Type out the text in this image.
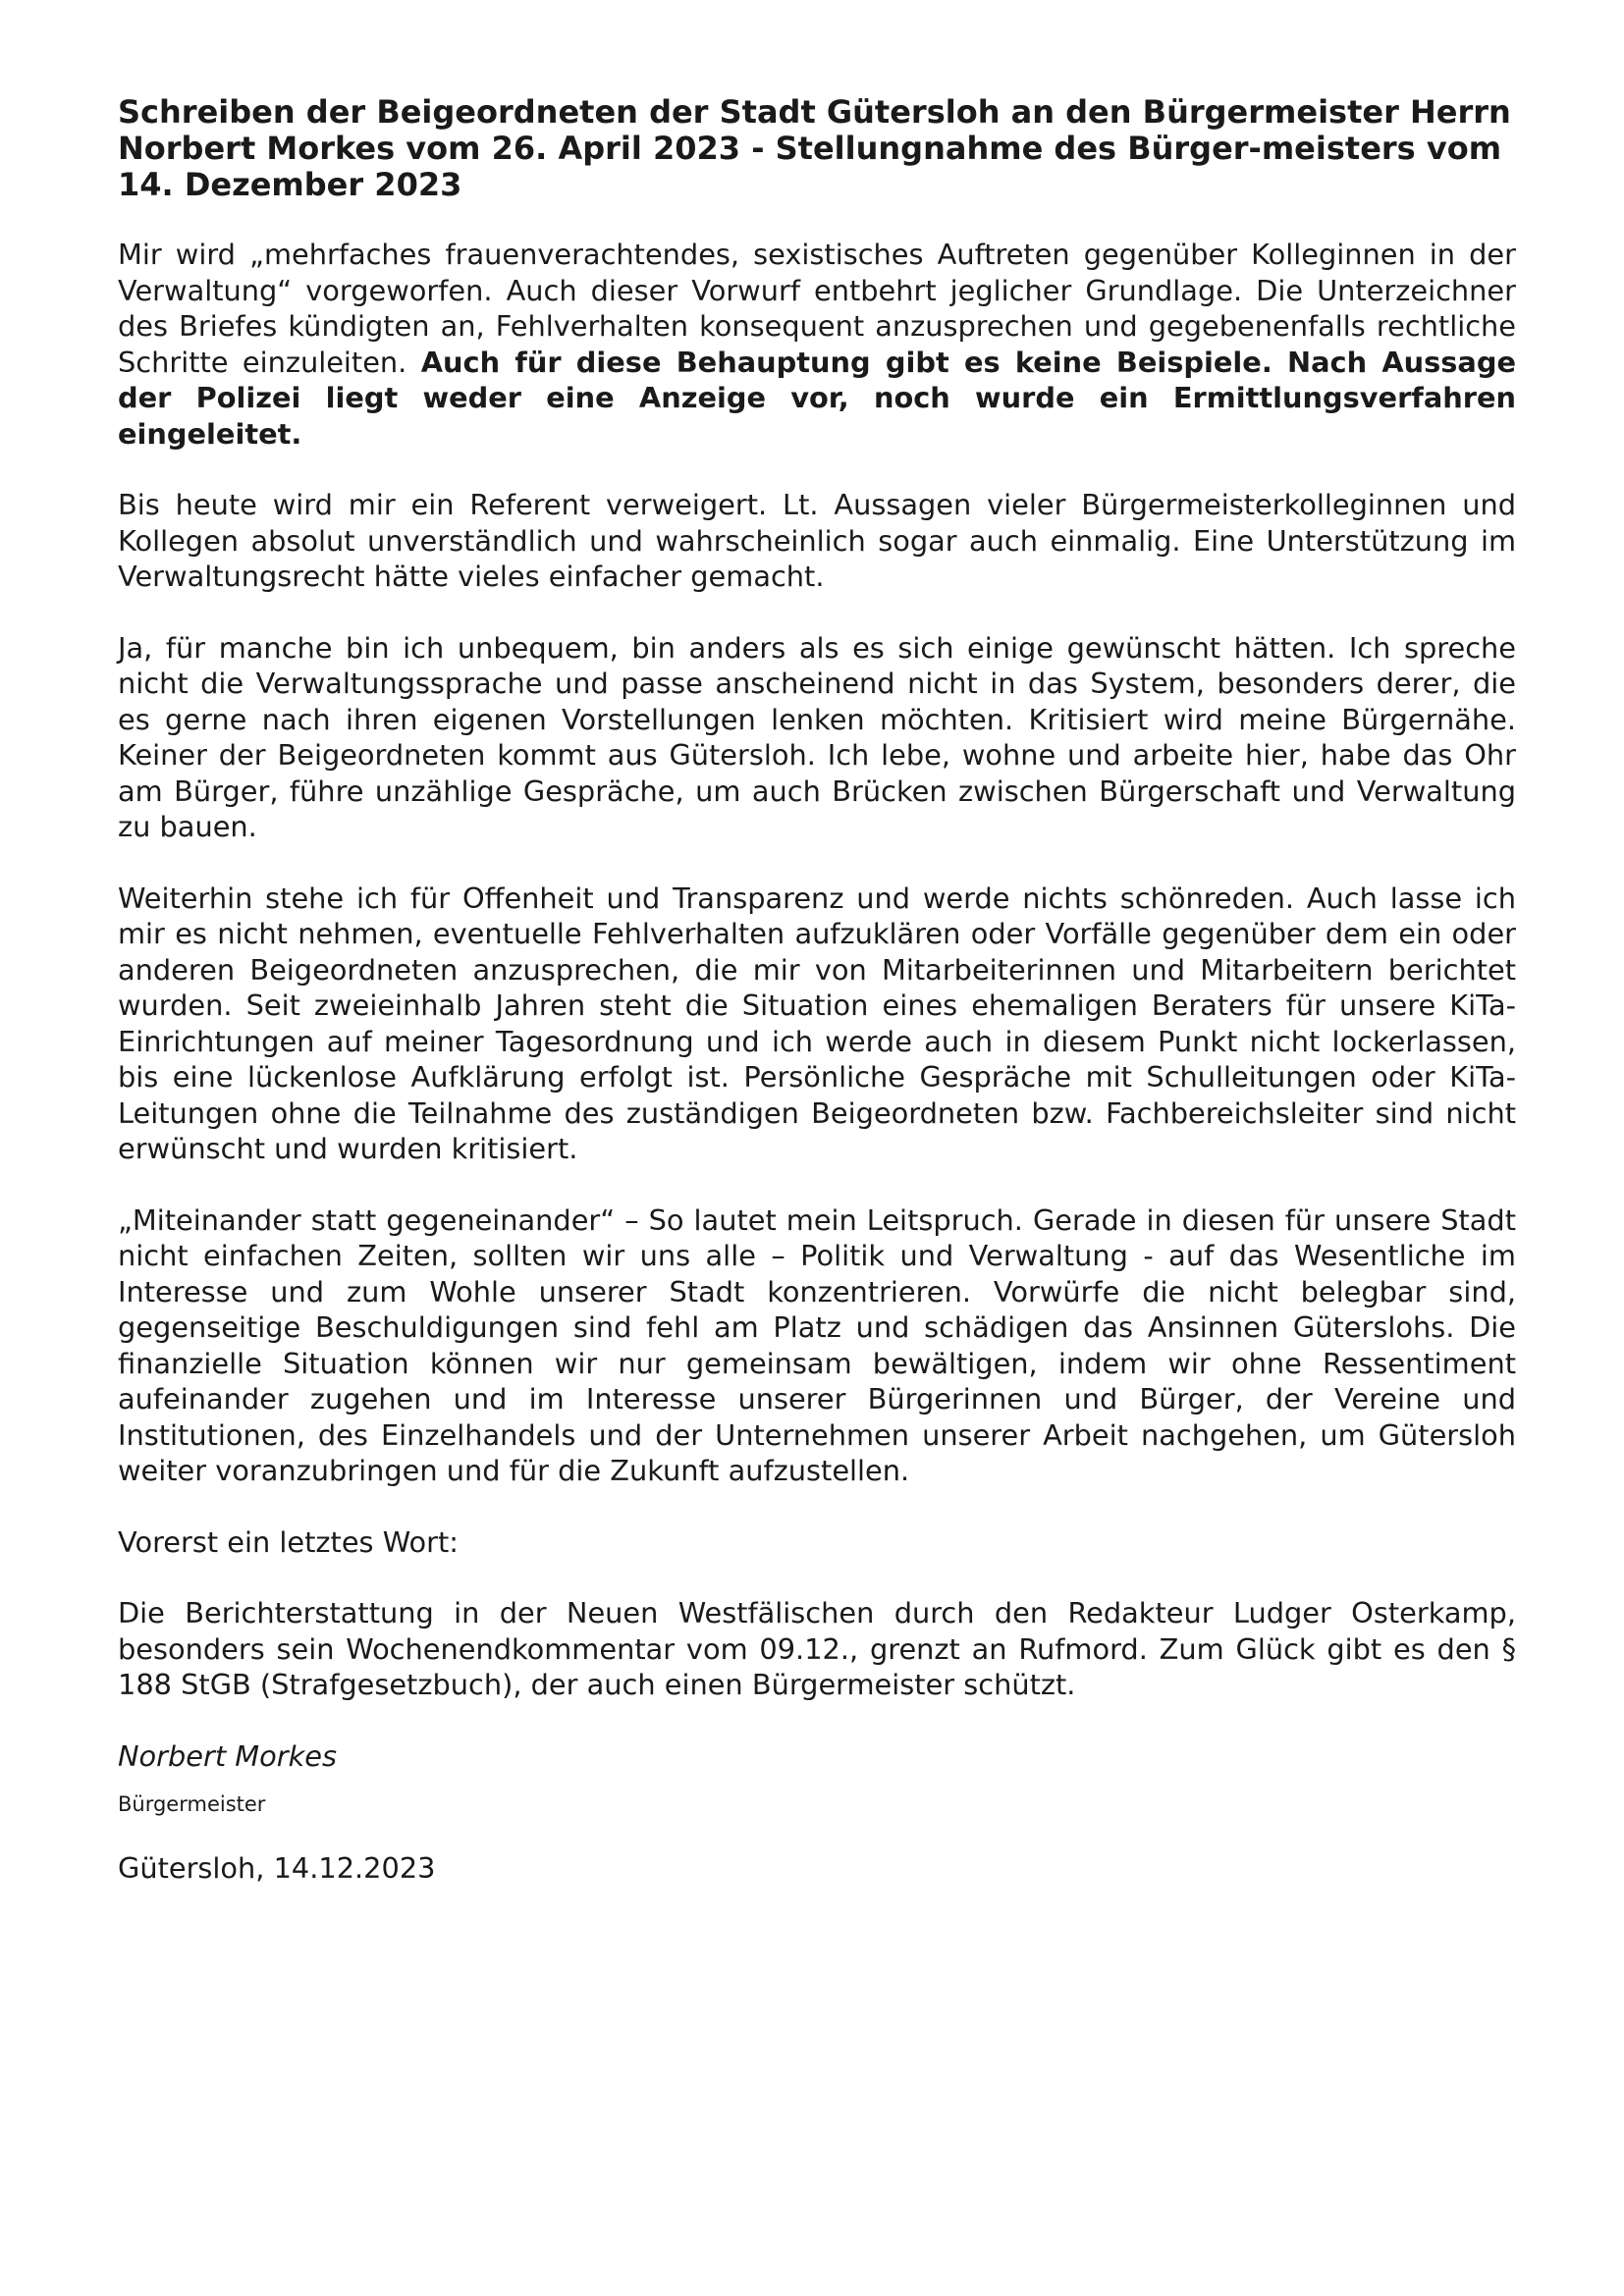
Schreiben der Beigeordneten der Stadt Gütersloh an den Bürgermeister Herrn Norbert Morkes vom 26. April 2023 - Stellungnahme des Bürger-meisters vom 14. Dezember 2023

Mir wird „mehrfaches frauenverachtendes, sexistisches Auftreten gegenüber Kolleginnen in der Verwaltung“ vorgeworfen. Auch dieser Vorwurf entbehrt jeglicher Grundlage. Die Unterzeichner des Briefes kündigten an, Fehlverhalten konsequent anzusprechen und gegebenenfalls rechtliche Schritte einzuleiten. Auch für diese Behauptung gibt es keine Beispiele. Nach Aussage der Polizei liegt weder eine Anzeige vor, noch wurde ein Ermittlungsverfahren eingeleitet.

Bis heute wird mir ein Referent verweigert. Lt. Aussagen vieler Bürgermeisterkolleginnen und Kollegen absolut unverständlich und wahrscheinlich sogar auch einmalig. Eine Unterstützung im Verwaltungsrecht hätte vieles einfacher gemacht.

Ja, für manche bin ich unbequem, bin anders als es sich einige gewünscht hätten. Ich spreche nicht die Verwaltungssprache und passe anscheinend nicht in das System, besonders derer, die es gerne nach ihren eigenen Vorstellungen lenken möchten. Kritisiert wird meine Bürgernähe. Keiner der Beigeordneten kommt aus Gütersloh. Ich lebe, wohne und arbeite hier, habe das Ohr am Bürger, führe unzählige Gespräche, um auch Brücken zwischen Bürgerschaft und Verwaltung zu bauen.

Weiterhin stehe ich für Offenheit und Transparenz und werde nichts schönreden. Auch lasse ich mir es nicht nehmen, eventuelle Fehlverhalten aufzuklären oder Vorfälle gegenüber dem ein oder anderen Beigeordneten anzusprechen, die mir von Mitarbeiterinnen und Mitarbeitern berichtet wurden. Seit zweieinhalb Jahren steht die Situation eines ehemaligen Beraters für unsere KiTa-Einrichtungen auf meiner Tagesordnung und ich werde auch in diesem Punkt nicht lockerlassen, bis eine lückenlose Aufklärung erfolgt ist. Persönliche Gespräche mit Schulleitungen oder KiTa-Leitungen ohne die Teilnahme des zuständigen Beigeordneten bzw. Fachbereichsleiter sind nicht erwünscht und wurden kritisiert.

„Miteinander statt gegeneinander“ – So lautet mein Leitspruch. Gerade in diesen für unsere Stadt nicht einfachen Zeiten, sollten wir uns alle – Politik und Verwaltung - auf das Wesentliche im Interesse und zum Wohle unserer Stadt konzentrieren. Vorwürfe die nicht belegbar sind, gegenseitige Beschuldigungen sind fehl am Platz und schädigen das Ansinnen Güterslohs. Die finanzielle Situation können wir nur gemeinsam bewältigen, indem wir ohne Ressentiment aufeinander zugehen und im Interesse unserer Bürgerinnen und Bürger, der Vereine und Institutionen, des Einzelhandels und der Unternehmen unserer Arbeit nachgehen, um Gütersloh weiter voranzubringen und für die Zukunft aufzustellen.

Vorerst ein letztes Wort:

Die Berichterstattung in der Neuen Westfälischen durch den Redakteur Ludger Osterkamp, besonders sein Wochenendkommentar vom 09.12., grenzt an Rufmord. Zum Glück gibt es den § 188 StGB (Strafgesetzbuch), der auch einen Bürgermeister schützt.

Norbert Morkes

Bürgermeister

Gütersloh, 14.12.2023
